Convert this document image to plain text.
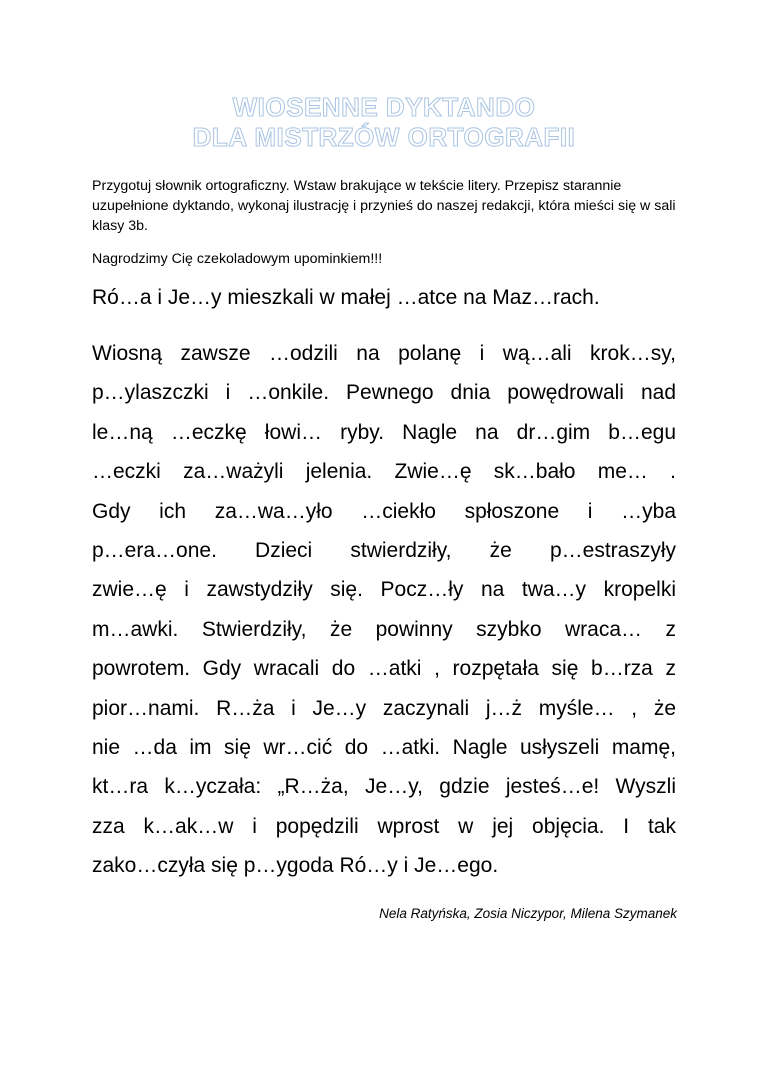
WIOSENNE DYKTANDO
DLA MISTRZÓW ORTOGRAFII
Przygotuj słownik ortograficzny. Wstaw brakujące w tekście litery. Przepisz starannie uzupełnione dyktando, wykonaj ilustrację i przynieś do naszej redakcji, która mieści się w sali klasy 3b.
Nagrodzimy Cię czekoladowym upominkiem!!!
Ró…a i Je…y mieszkali w małej …atce na Maz…rach.
Wiosną zawsze …odzili na polanę i wą…ali krok…sy,
p…ylaszczki i …onkile. Pewnego dnia powędrowali nad
le…ną …eczkę łowi… ryby. Nagle na dr…gim b…egu
…eczki za…ważyli jelenia. Zwie…ę sk…bało me… .
Gdy ich za…wa…yło …ciekło spłoszone i …yba
p…era…one. Dzieci stwierdziły, że p…estraszyły
zwie…ę i zawstydziły się. Pocz…ły na twa…y kropelki
m…awki. Stwierdziły, że powinny szybko wraca… z
powrotem. Gdy wracali do …atki , rozpętała się b…rza z
pior…nami. R…ża i Je…y zaczynali j…ż myśle… , że
nie …da im się wr…cić do …atki. Nagle usłyszeli mamę,
kt…ra k…yczała: „R…ża, Je…y, gdzie jesteś…e! Wyszli
zza k…ak…w i popędzili wprost w jej objęcia. I tak
zako…czyła się p…ygoda Ró…y i Je…ego.
Nela Ratyńska, Zosia Niczypor, Milena Szymanek
